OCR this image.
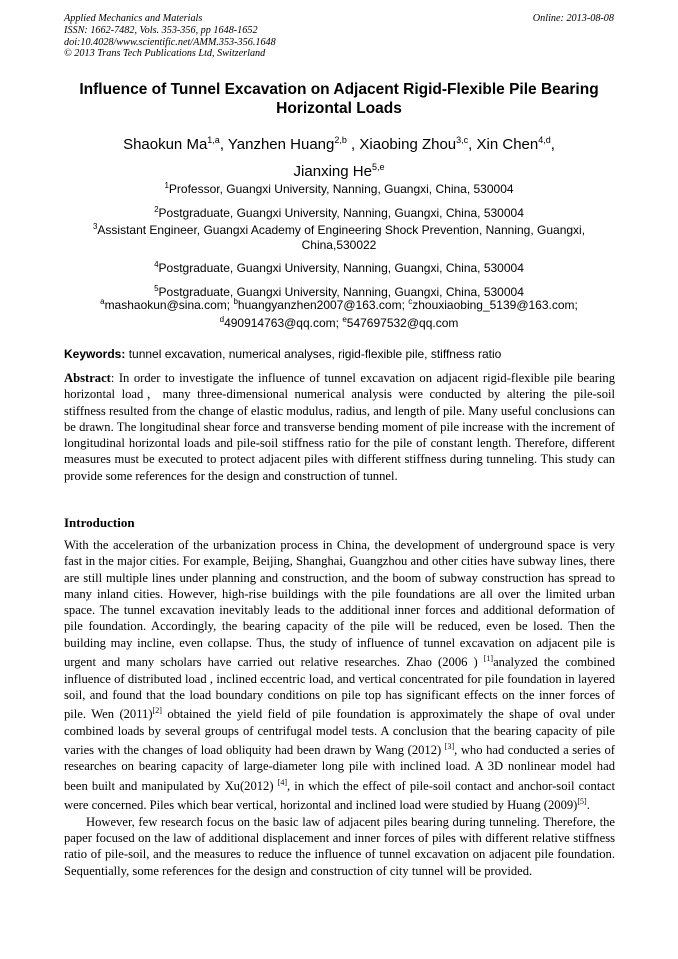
Applied Mechanics and Materials
ISSN: 1662-7482, Vols. 353-356, pp 1648-1652
doi:10.4028/www.scientific.net/AMM.353-356.1648
© 2013 Trans Tech Publications Ltd, Switzerland
Online: 2013-08-08
Influence of Tunnel Excavation on Adjacent Rigid-Flexible Pile Bearing Horizontal Loads
Shaokun Ma$^{1,a}$, Yanzhen Huang$^{2,b}$ , Xiaobing Zhou$^{3,c}$, Xin Chen$^{4,d}$,
Jianxing He$^{5,e}$
$^1$Professor, Guangxi University, Nanning, Guangxi, China, 530004
$^2$Postgraduate, Guangxi University, Nanning, Guangxi, China, 530004
$^3$Assistant Engineer, Guangxi Academy of Engineering Shock Prevention, Nanning, Guangxi, China,530022
$^4$Postgraduate, Guangxi University, Nanning, Guangxi, China, 530004
$^5$Postgraduate, Guangxi University, Nanning, Guangxi, China, 530004
$^a$mashaokun@sina.com; $^b$huangyanzhen2007@163.com; $^c$zhouxiaobing_5139@163.com;
$^d$490914763@qq.com; $^e$547697532@qq.com
Keywords: tunnel excavation, numerical analyses, rigid-flexible pile, stiffness ratio
Abstract: In order to investigate the influence of tunnel excavation on adjacent rigid-flexible pile bearing horizontal load，many three-dimensional numerical analysis were conducted by altering the pile-soil stiffness resulted from the change of elastic modulus, radius, and length of pile. Many useful conclusions can be drawn. The longitudinal shear force and transverse bending moment of pile increase with the increment of longitudinal horizontal loads and pile-soil stiffness ratio for the pile of constant length. Therefore, different measures must be executed to protect adjacent piles with different stiffness during tunneling. This study can provide some references for the design and construction of tunnel.
Introduction

With the acceleration of the urbanization process in China, the development of underground space is very fast in the major cities. For example, Beijing, Shanghai, Guangzhou and other cities have subway lines, there are still multiple lines under planning and construction, and the boom of subway construction has spread to many inland cities. However, high-rise buildings with the pile foundations are all over the limited urban space. The tunnel excavation inevitably leads to the additional inner forces and additional deformation of pile foundation. Accordingly, the bearing capacity of the pile will be reduced, even be losed. Then the building may incline, even collapse. Thus, the study of influence of tunnel excavation on adjacent pile is urgent and many scholars have carried out relative researches. Zhao (2006 ) [1]analyzed the combined influence of distributed load , inclined eccentric load, and vertical concentrated for pile foundation in layered soil, and found that the load boundary conditions on pile top has significant effects on the inner forces of pile. Wen (2011)[2] obtained the yield field of pile foundation is approximately the shape of oval under combined loads by several groups of centrifugal model tests. A conclusion that the bearing capacity of pile varies with the changes of load obliquity had been drawn by Wang (2012) [3], who had conducted a series of researches on bearing capacity of large-diameter long pile with inclined load. A 3D nonlinear model had been built and manipulated by Xu(2012) [4], in which the effect of pile-soil contact and anchor-soil contact were concerned. Piles which bear vertical, horizontal and inclined load were studied by Huang (2009)[5].

However, few research focus on the basic law of adjacent piles bearing during tunneling. Therefore, the paper focused on the law of additional displacement and inner forces of piles with different relative stiffness ratio of pile-soil, and the measures to reduce the influence of tunnel excavation on adjacent pile foundation. Sequentially, some references for the design and construction of city tunnel will be provided.
